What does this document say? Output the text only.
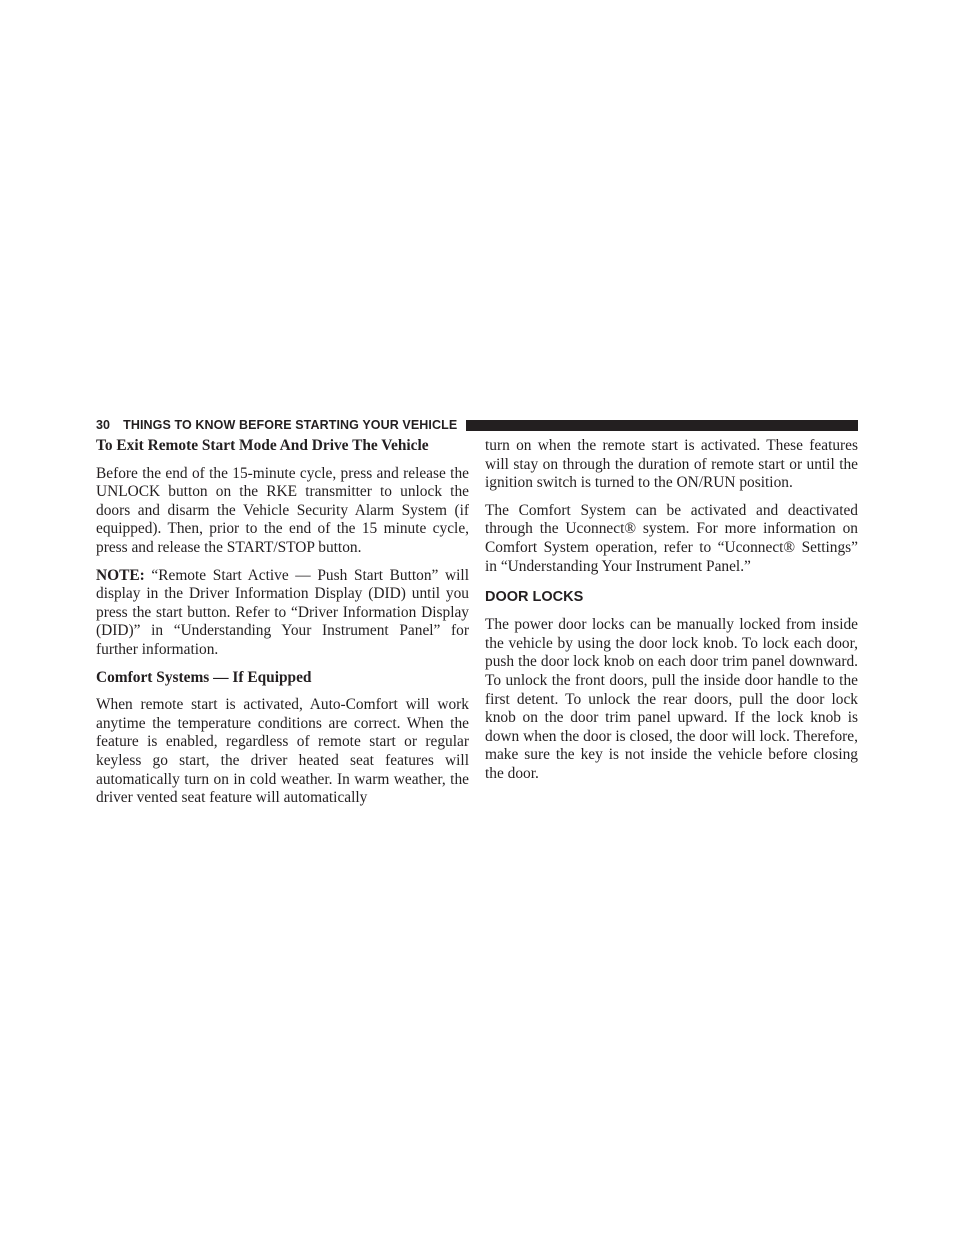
30 THINGS TO KNOW BEFORE STARTING YOUR VEHICLE
To Exit Remote Start Mode And Drive The Vehicle

Before the end of the 15-minute cycle, press and release the UNLOCK button on the RKE transmitter to unlock the doors and disarm the Vehicle Security Alarm System (if equipped). Then, prior to the end of the 15 minute cycle, press and release the START/STOP button.

NOTE: “Remote Start Active — Push Start Button” will display in the Driver Information Display (DID) until you press the start button. Refer to “Driver Information Display (DID)” in “Understanding Your Instrument Panel” for further information.

Comfort Systems — If Equipped

When remote start is activated, Auto-Comfort will work anytime the temperature conditions are correct. When the feature is enabled, regardless of remote start or regular keyless go start, the driver heated seat features will automatically turn on in cold weather. In warm weather, the driver vented seat feature will automatically

turn on when the remote start is activated. These features will stay on through the duration of remote start or until the ignition switch is turned to the ON/RUN position.

The Comfort System can be activated and deactivated through the Uconnect® system. For more information on Comfort System operation, refer to “Uconnect® Settings” in “Understanding Your Instrument Panel.”

DOOR LOCKS

The power door locks can be manually locked from inside the vehicle by using the door lock knob. To lock each door, push the door lock knob on each door trim panel downward. To unlock the front doors, pull the inside door handle to the first detent. To unlock the rear doors, pull the door lock knob on the door trim panel upward. If the lock knob is down when the door is closed, the door will lock. Therefore, make sure the key is not inside the vehicle before closing the door.
